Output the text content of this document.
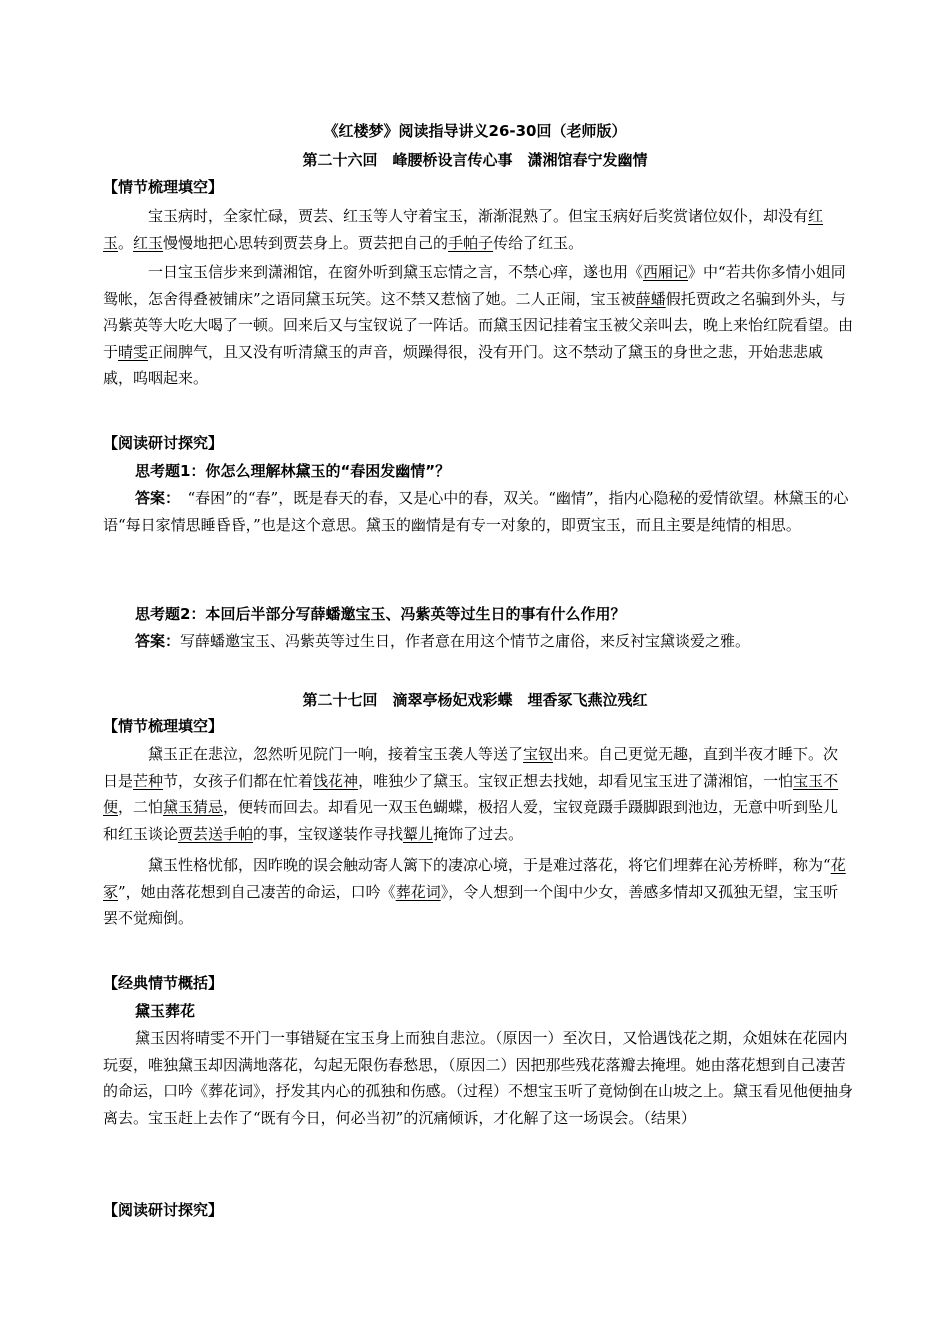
《红楼梦》阅读指导讲义26-30回（老师版）
第二十六回　峰腰桥设言传心事　潇湘馆春宁发幽情
【情节梳理填空】

宝玉病时，全家忙碌，贾芸、红玉等人守着宝玉，渐渐混熟了。但宝玉病好后奖赏诸位奴仆，却没有红玉。红玉慢慢地把心思转到贾芸身上。贾芸把自己的手帕子传给了红玉。

一日宝玉信步来到潇湘馆，在窗外听到黛玉忘情之言，不禁心痒，遂也用《西厢记》中“若共你多情小姐同鸳帐，怎舍得叠被铺床”之语同黛玉玩笑。这不禁又惹恼了她。二人正闹，宝玉被薛蟠假托贾政之名骗到外头，与冯紫英等大吃大喝了一顿。回来后又与宝钗说了一阵话。而黛玉因记挂着宝玉被父亲叫去，晚上来怡红院看望。由于晴雯正闹脾气，且又没有听清黛玉的声音，烦躁得很，没有开门。这不禁动了黛玉的身世之悲，开始悲悲戚戚，呜咽起来。

【阅读研讨探究】
思考题1：你怎么理解林黛玉的“春困发幽情”？
答案：　“春困”的“春”，既是春天的春，又是心中的春，双关。“幽情”，指内心隐秘的爱情欲望。林黛玉的心语“每日家情思睡昏昏，”也是这个意思。黛玉的幽情是有专一对象的，即贾宝玉，而且主要是纯情的相思。
思考题2：本回后半部分写薛蟠邀宝玉、冯紫英等过生日的事有什么作用？
答案：写薛蟠邀宝玉、冯紫英等过生日，作者意在用这个情节之庸俗，来反衬宝黛谈爱之雅。
第二十七回　滴翠亭杨妃戏彩蝶　埋香冢飞燕泣残红
【情节梳理填空】

黛玉正在悲泣，忽然听见院门一响，接着宝玉袭人等送了宝钗出来。自己更觉无趣，直到半夜才睡下。次日是芒种节，女孩子们都在忙着饯花神，唯独少了黛玉。宝钗正想去找她，却看见宝玉进了潇湘馆，一怕宝玉不便，二怕黛玉猜忌，便转而回去。却看见一双玉色蝴蝶，极招人爱，宝钗竟蹑手蹑脚跟到池边，无意中听到坠儿和红玉谈论贾芸送手帕的事，宝钗遂装作寻找颦儿掩饰了过去。

黛玉性格忧郁，因昨晚的误会触动寄人篱下的凄凉心境，于是难过落花，将它们埋葬在沁芳桥畔，称为“花冢”，她由落花想到自己凄苦的命运，口吟《葬花词》，令人想到一个闺中少女，善感多情却又孤独无望，宝玉听罢不觉痴倒。

【经典情节概括】
黛玉葬花

黛玉因将晴雯不开门一事错疑在宝玉身上而独自悲泣。（原因一）至次日，又恰遇饯花之期，众姐妹在花园内玩耍，唯独黛玉却因满地落花，勾起无限伤春愁思，（原因二）因把那些残花落瓣去掩埋。她由落花想到自己凄苦的命运，口吟《葬花词》，抒发其内心的孤独和伤感。（过程）不想宝玉听了竟恸倒在山坡之上。黛玉看见他便抽身离去。宝玉赶上去作了“既有今日，何必当初”的沉痛倾诉，才化解了这一场误会。（结果）

【阅读研讨探究】
